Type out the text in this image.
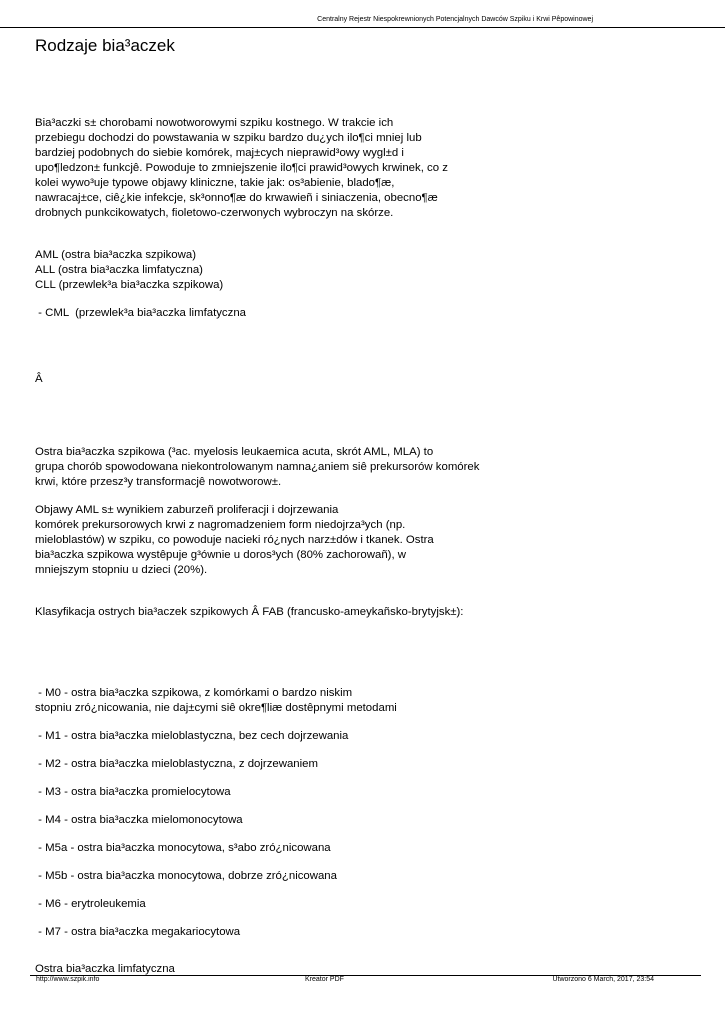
Centralny Rejestr Niespokrewnionych Potencjalnych Dawców Szpiku i Krwi Pêpowinowej
Rodzaje bia³aczek
Bia³aczki s± chorobami nowotworowymi szpiku kostnego. W trakcie ich
przebiegu dochodzi do powstawania w szpiku bardzo du¿ych ilo¶ci mniej lub
bardziej podobnych do siebie komórek, maj±cych nieprawid³owy wygl±d i
upo¶ledzon± funkcjê. Powoduje to zmniejszenie ilo¶ci prawid³owych krwinek, co z
kolei wywo³uje typowe objawy kliniczne, takie jak: os³abienie, blado¶æ,
nawracaj±ce, ciê¿kie infekcje, sk³onno¶æ do krwawieñ i siniaczenia, obecno¶æ
drobnych punkcikowatych, fioletowo-czerwonych wybroczyn na skórze.
AML (ostra bia³aczka szpikowa)
ALL (ostra bia³aczka limfatyczna)
CLL (przewlek³a bia³aczka szpikowa)
- CML  (przewlek³a bia³aczka limfatyczna
Â
Ostra bia³aczka szpikowa (³ac. myelosis leukaemica acuta, skrót AML, MLA) to
grupa chorób spowodowana niekontrolowanym namna¿aniem siê prekursorów komórek
krwi, które przesz³y transformacjê nowotworow±.
Objawy AML s± wynikiem zaburzeñ proliferacji i dojrzewania
komórek prekursorowych krwi z nagromadzeniem form niedojrza³ych (np.
mieloblastów) w szpiku, co powoduje nacieki ró¿nych narz±dów i tkanek. Ostra
bia³aczka szpikowa wystêpuje g³ównie u doros³ych (80% zachorowañ), w
mniejszym stopniu u dzieci (20%).
Klasyfikacja ostrych bia³aczek szpikowych Â FAB (francusko-ameykañsko-brytyjsk±):
- M0 - ostra bia³aczka szpikowa, z komórkami o bardzo niskim
stopniu zró¿nicowania, nie daj±cymi siê okre¶liæ dostêpnymi metodami
- M1 - ostra bia³aczka mieloblastyczna, bez cech dojrzewania
- M2 - ostra bia³aczka mieloblastyczna, z dojrzewaniem
- M3 - ostra bia³aczka promielocytowa
- M4 - ostra bia³aczka mielomonocytowa
- M5a - ostra bia³aczka monocytowa, s³abo zró¿nicowana
- M5b - ostra bia³aczka monocytowa, dobrze zró¿nicowana
- M6 - erytroleukemia
- M7 - ostra bia³aczka megakariocytowa
Ostra bia³aczka limfatyczna
http://www.szpik.info	Kreator PDF	Utworzono 6 March, 2017, 23:54
